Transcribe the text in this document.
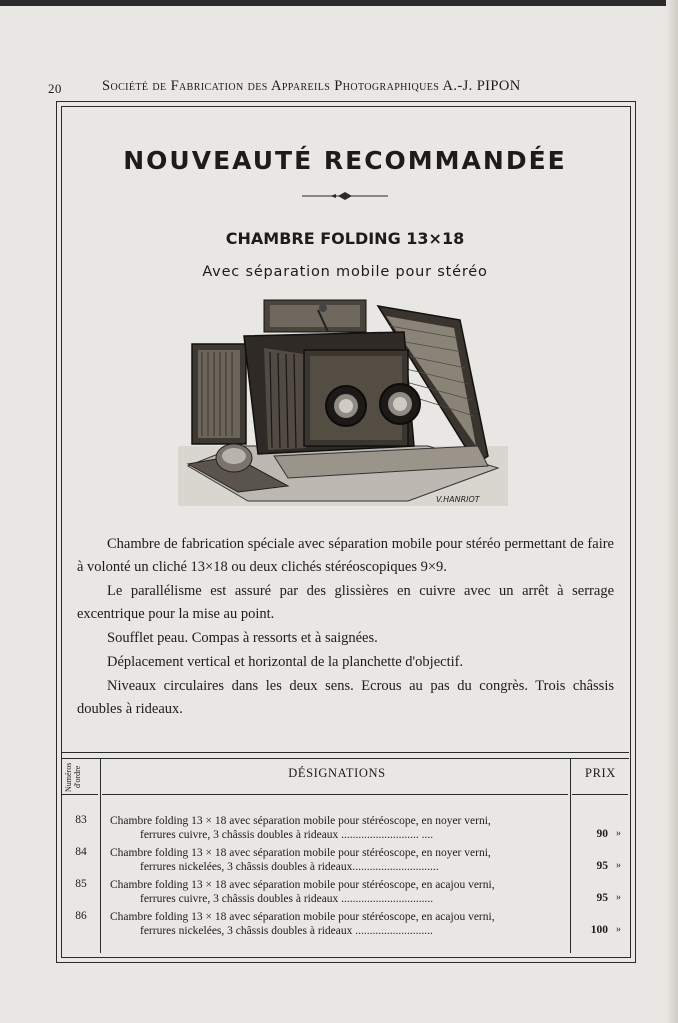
20	Société de Fabrication des Appareils Photographiques A.-J. PIPON
NOUVEAUTÉ RECOMMANDÉE
CHAMBRE FOLDING 13×18
Avec séparation mobile pour stéréo
V.HANRIOT

Chambre de fabrication spéciale avec séparation mobile pour stéréo permettant de faire à volonté un cliché 13×18 ou deux clichés stéréoscopiques 9×9.

Le parallélisme est assuré par des glissières en cuivre avec un arrêt à serrage excentrique pour la mise au point.

Soufflet peau. Compas à ressorts et à saignées.

Déplacement vertical et horizontal de la planchette d'objectif.

Niveaux circulaires dans les deux sens. Ecrous au pas du congrès. Trois châssis doubles à rideaux.

Numéros d'ordre	DÉSIGNATIONS	PRIX
83	Chambre folding 13 × 18 avec séparation mobile pour stéréoscope, en noyer verni,
ferrures cuivre, 3 châssis doubles à rideaux ........................... ....	90 »
84	Chambre folding 13 × 18 avec séparation mobile pour stéréoscope, en noyer verni,
ferrures nickelées, 3 châssis doubles à rideaux..............................	95 »
85	Chambre folding 13 × 18 avec séparation mobile pour stéréoscope, en acajou verni,
ferrures cuivre, 3 châssis doubles à rideaux ................................	95 »
86	Chambre folding 13 × 18 avec séparation mobile pour stéréoscope, en acajou verni,
ferrures nickelées, 3 châssis doubles à rideaux ...........................	100 »
